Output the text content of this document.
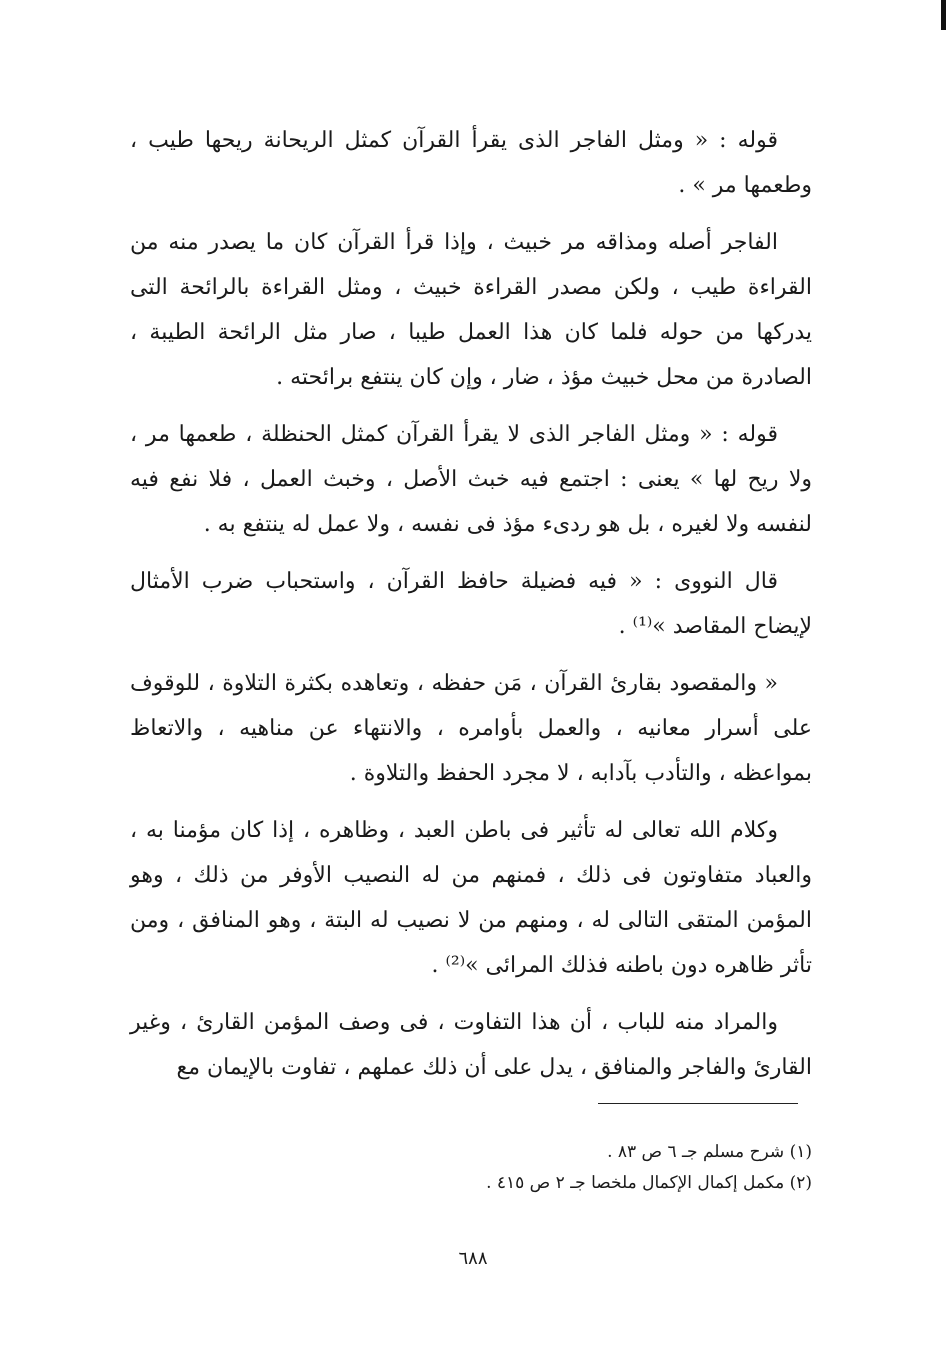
قوله : « ومثل الفاجر الذى يقرأ القرآن كمثل الريحانة ريحها طيب ، وطعمها مر » .

الفاجر أصله ومذاقه مر خبيث ، وإذا قرأ القرآن كان ما يصدر منه من القراءة طيب ، ولكن مصدر القراءة خبيث ، ومثل القراءة بالرائحة التى يدركها من حوله فلما كان هذا العمل طيبا ، صار مثل الرائحة الطيبة ، الصادرة من محل خبيث مؤذ ، ضار ، وإن كان ينتفع برائحته .

قوله : « ومثل الفاجر الذى لا يقرأ القرآن كمثل الحنظلة ، طعمها مر ، ولا ريح لها » يعنى : اجتمع فيه خبث الأصل ، وخبث العمل ، فلا نفع فيه لنفسه ولا لغيره ، بل هو ردىء مؤذ فى نفسه ، ولا عمل له ينتفع به .

قال النووى : « فيه فضيلة حافظ القرآن ، واستحباب ضرب الأمثال لإيضاح المقاصد »⁽¹⁾ .

« والمقصود بقارئ القرآن ، مَن حفظه ، وتعاهده بكثرة التلاوة ، للوقوف على أسرار معانيه ، والعمل بأوامره ، والانتهاء عن مناهيه ، والاتعاظ بمواعظه ، والتأدب بآدابه ، لا مجرد الحفظ والتلاوة .

وكلام الله تعالى له تأثير فى باطن العبد ، وظاهره ، إذا كان مؤمنا به ، والعباد متفاوتون فى ذلك ، فمنهم من له النصيب الأوفر من ذلك ، وهو المؤمن المتقى التالى له ، ومنهم من لا نصيب له البتة ، وهو المنافق ، ومن تأثر ظاهره دون باطنه فذلك المرائى »⁽²⁾ .

والمراد منه للباب ، أن هذا التفاوت ، فى وصف المؤمن القارئ ، وغير القارئ والفاجر والمنافق ، يدل على أن ذلك عملهم ، تفاوت بالإيمان مع

(١) شرح مسلم جـ ٦ ص ٨٣ .

(٢) مكمل إكمال الإكمال ملخصا جـ ٢ ص ٤١٥ .

٦٨٨
